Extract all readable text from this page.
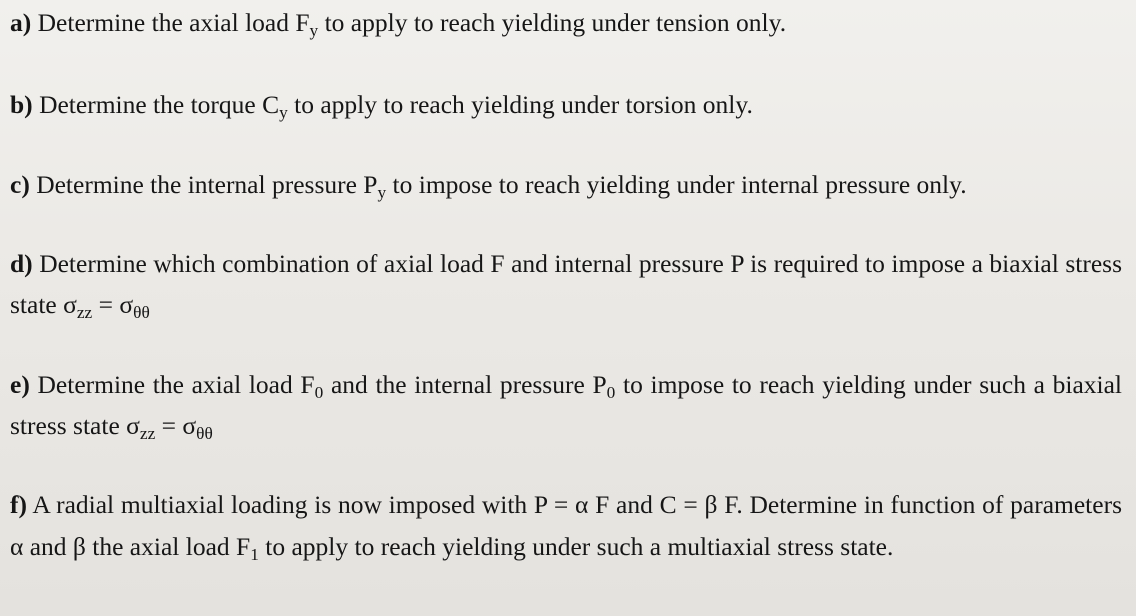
a) Determine the axial load $F_y$ to apply to reach yielding under tension only.

b) Determine the torque $C_y$ to apply to reach yielding under torsion only.

c) Determine the internal pressure $P_y$ to impose to reach yielding under internal pressure only.

d) Determine which combination of axial load F and internal pressure P is required to impose a biaxial stress state $\sigma_{zz} = \sigma_{\theta\theta}$

e) Determine the axial load $F_0$ and the internal pressure $P_0$ to impose to reach yielding under such a biaxial stress state $\sigma_{zz} = \sigma_{\theta\theta}$

f) A radial multiaxial loading is now imposed with P = α F and C = β F. Determine in function of parameters α and β the axial load $F_1$ to apply to reach yielding under such a multiaxial stress state.
